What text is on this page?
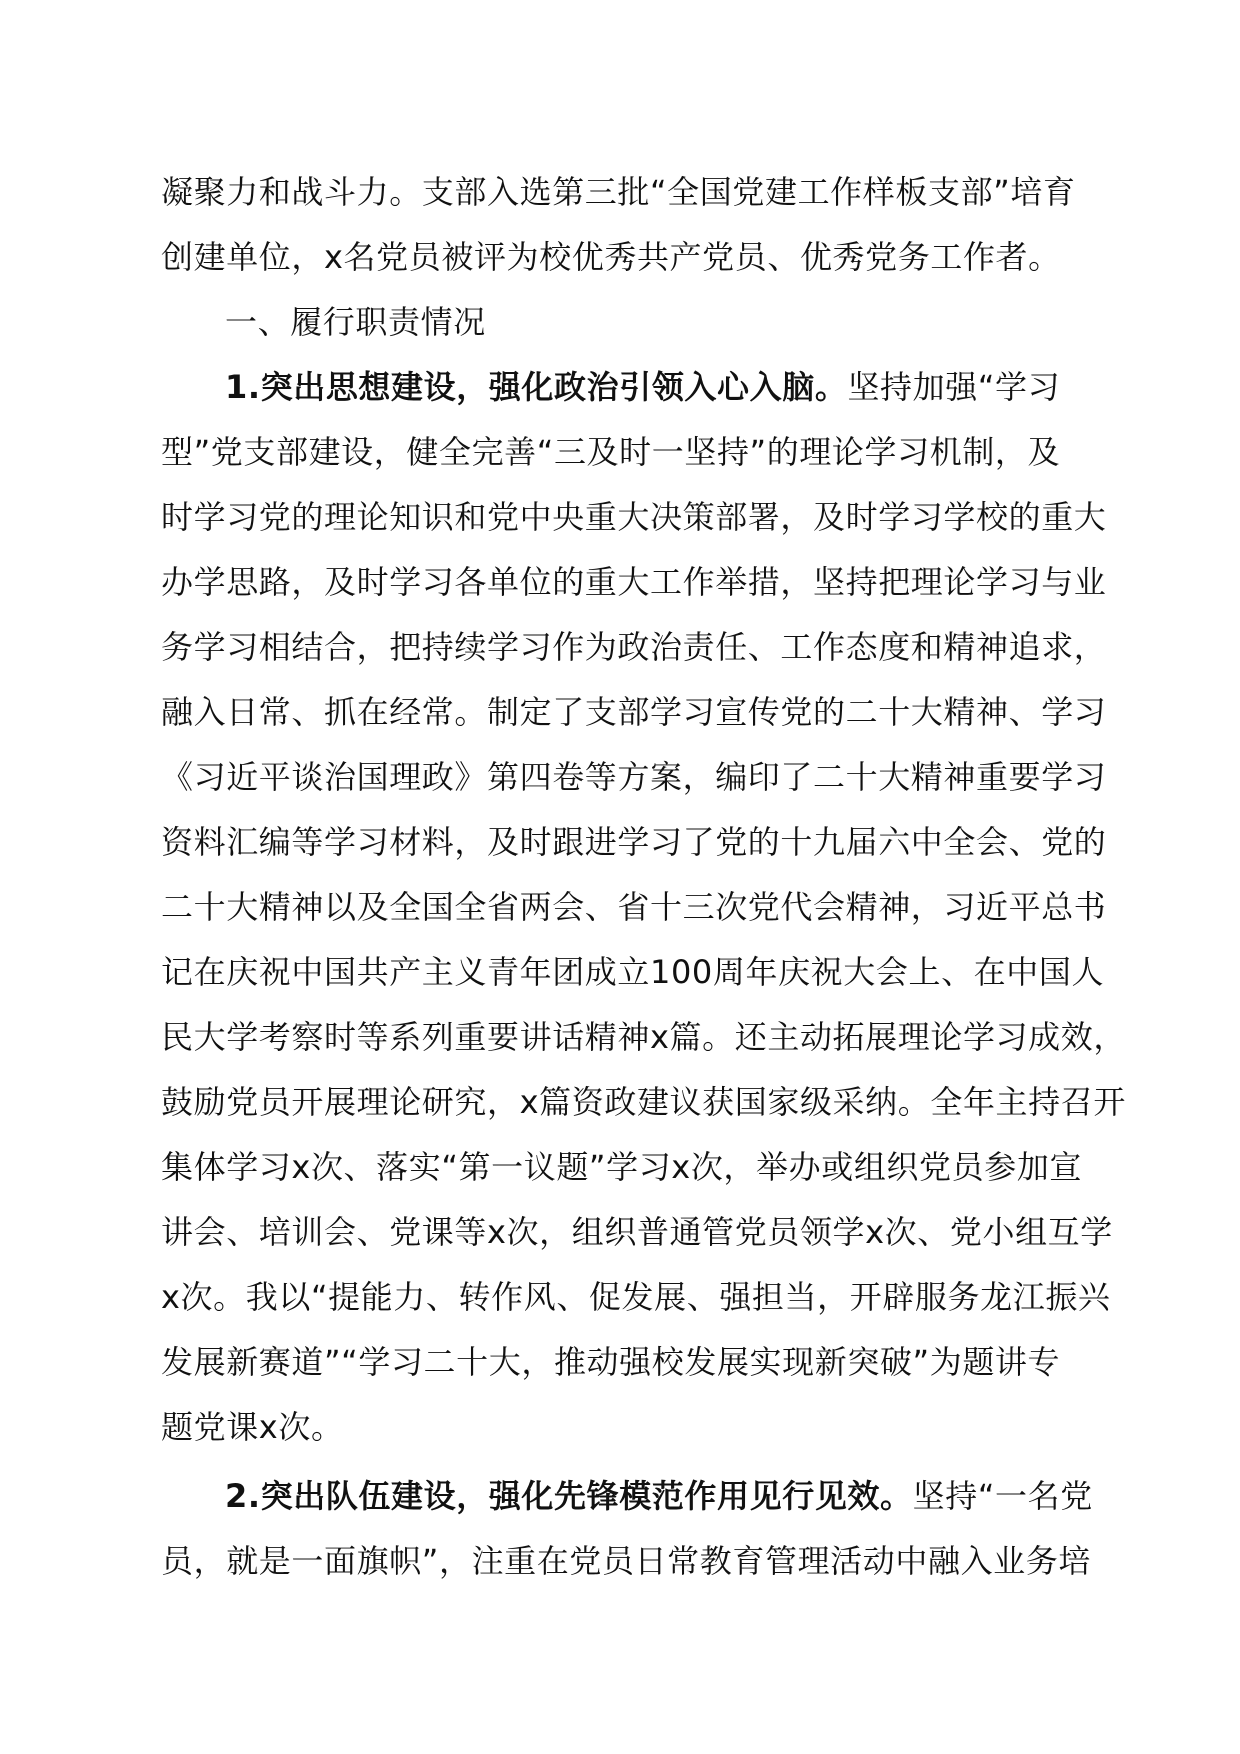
凝聚力和战斗力。支部入选第三批“全国党建工作样板支部”培育
创建单位，x名党员被评为校优秀共产党员、优秀党务工作者。
一、履行职责情况
1.突出思想建设，强化政治引领入心入脑。坚持加强“学习
型”党支部建设，健全完善“三及时一坚持”的理论学习机制，及
时学习党的理论知识和党中央重大决策部署，及时学习学校的重大
办学思路，及时学习各单位的重大工作举措，坚持把理论学习与业
务学习相结合，把持续学习作为政治责任、工作态度和精神追求，
融入日常、抓在经常。制定了支部学习宣传党的二十大精神、学习
《习近平谈治国理政》第四卷等方案，编印了二十大精神重要学习
资料汇编等学习材料，及时跟进学习了党的十九届六中全会、党的
二十大精神以及全国全省两会、省十三次党代会精神，习近平总书
记在庆祝中国共产主义青年团成立100周年庆祝大会上、在中国人
民大学考察时等系列重要讲话精神x篇。还主动拓展理论学习成效，
鼓励党员开展理论研究，x篇资政建议获国家级采纳。全年主持召开
集体学习x次、落实“第一议题”学习x次，举办或组织党员参加宣
讲会、培训会、党课等x次，组织普通管党员领学x次、党小组互学
x次。我以“提能力、转作风、促发展、强担当，开辟服务龙江振兴
发展新赛道”“学习二十大，推动强校发展实现新突破”为题讲专
题党课x次。
2.突出队伍建设，强化先锋模范作用见行见效。坚持“一名党
员，就是一面旗帜”，注重在党员日常教育管理活动中融入业务培
